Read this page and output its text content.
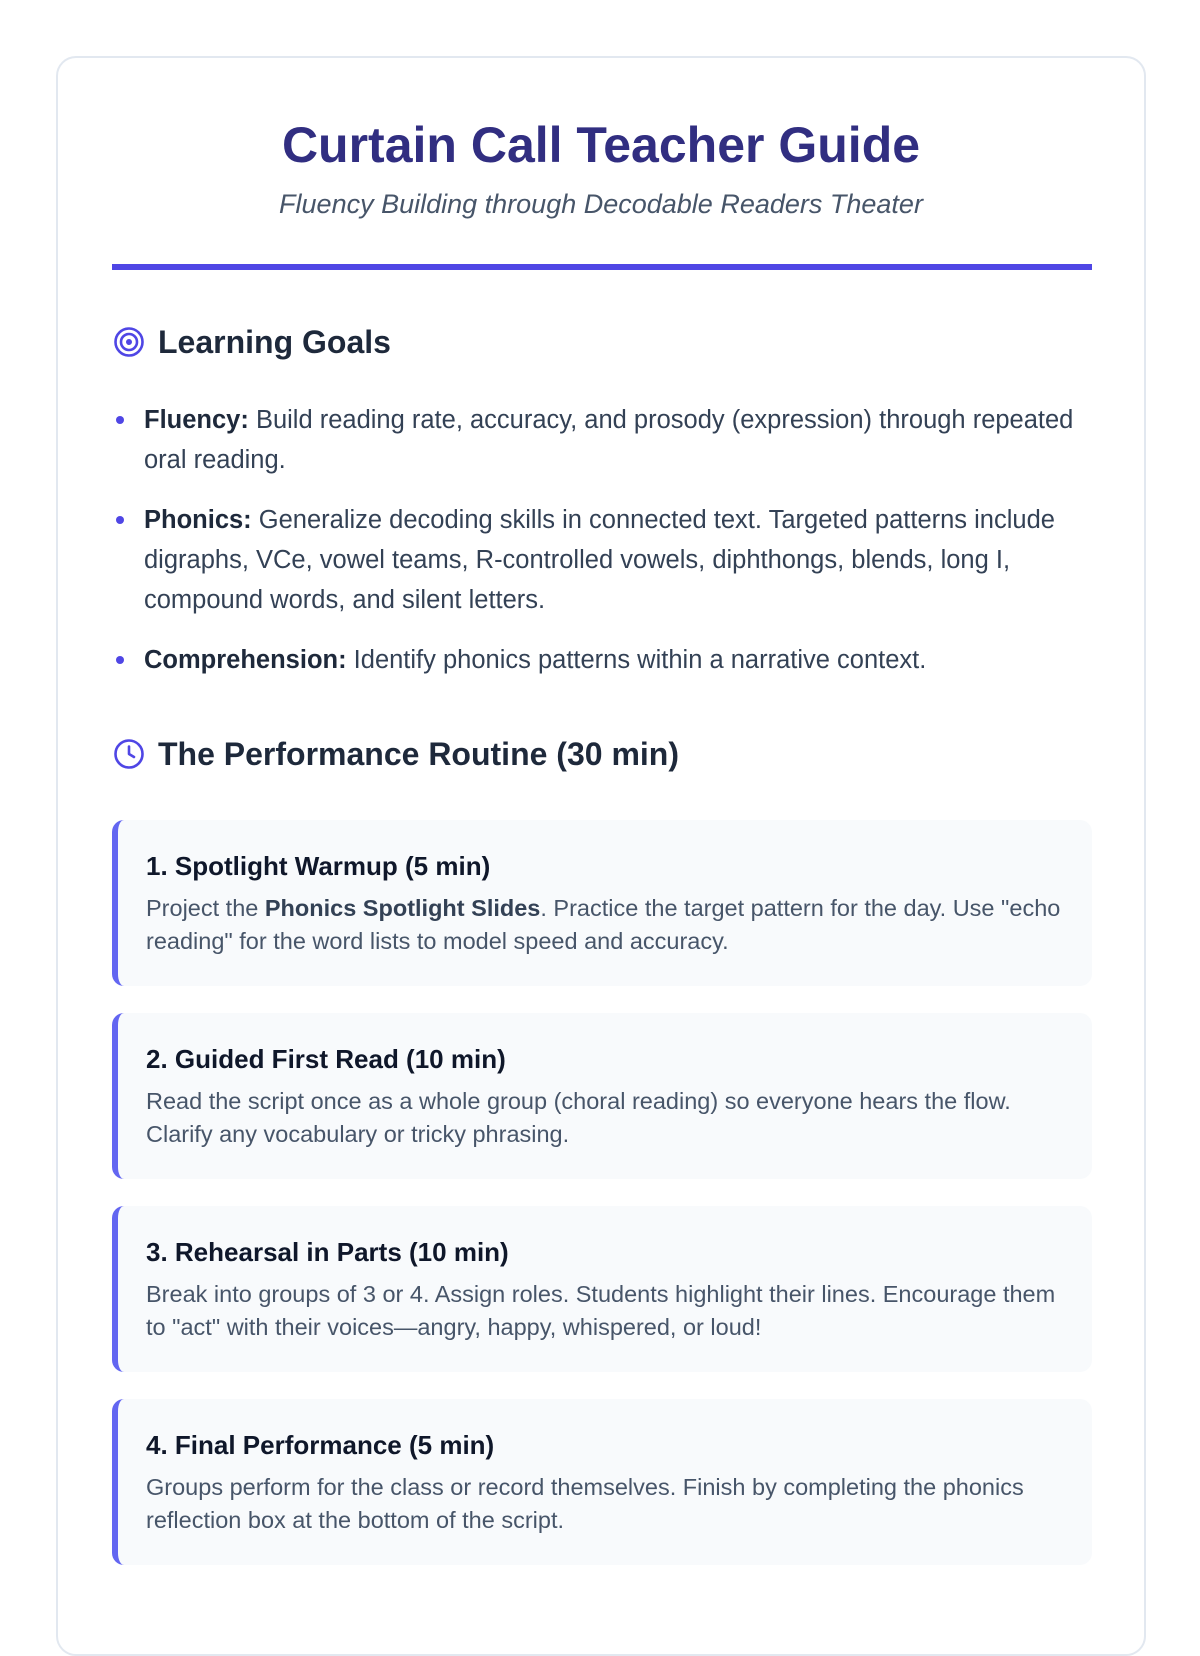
Curtain Call Teacher Guide

Fluency Building through Decodable Readers Theater

Learning Goals
Fluency: Build reading rate, accuracy, and prosody (expression) through repeated oral reading.
Phonics: Generalize decoding skills in connected text. Targeted patterns include digraphs, VCe, vowel teams, R-controlled vowels, diphthongs, blends, long I, compound words, and silent letters.
Comprehension: Identify phonics patterns within a narrative context.
The Performance Routine (30 min)
1. Spotlight Warmup (5 min)

Project the Phonics Spotlight Slides. Practice the target pattern for the day. Use "echo reading" for the word lists to model speed and accuracy.

2. Guided First Read (10 min)

Read the script once as a whole group (choral reading) so everyone hears the flow. Clarify any vocabulary or tricky phrasing.

3. Rehearsal in Parts (10 min)

Break into groups of 3 or 4. Assign roles. Students highlight their lines. Encourage them to "act" with their voices—angry, happy, whispered, or loud!

4. Final Performance (5 min)

Groups perform for the class or record themselves. Finish by completing the phonics reflection box at the bottom of the script.
